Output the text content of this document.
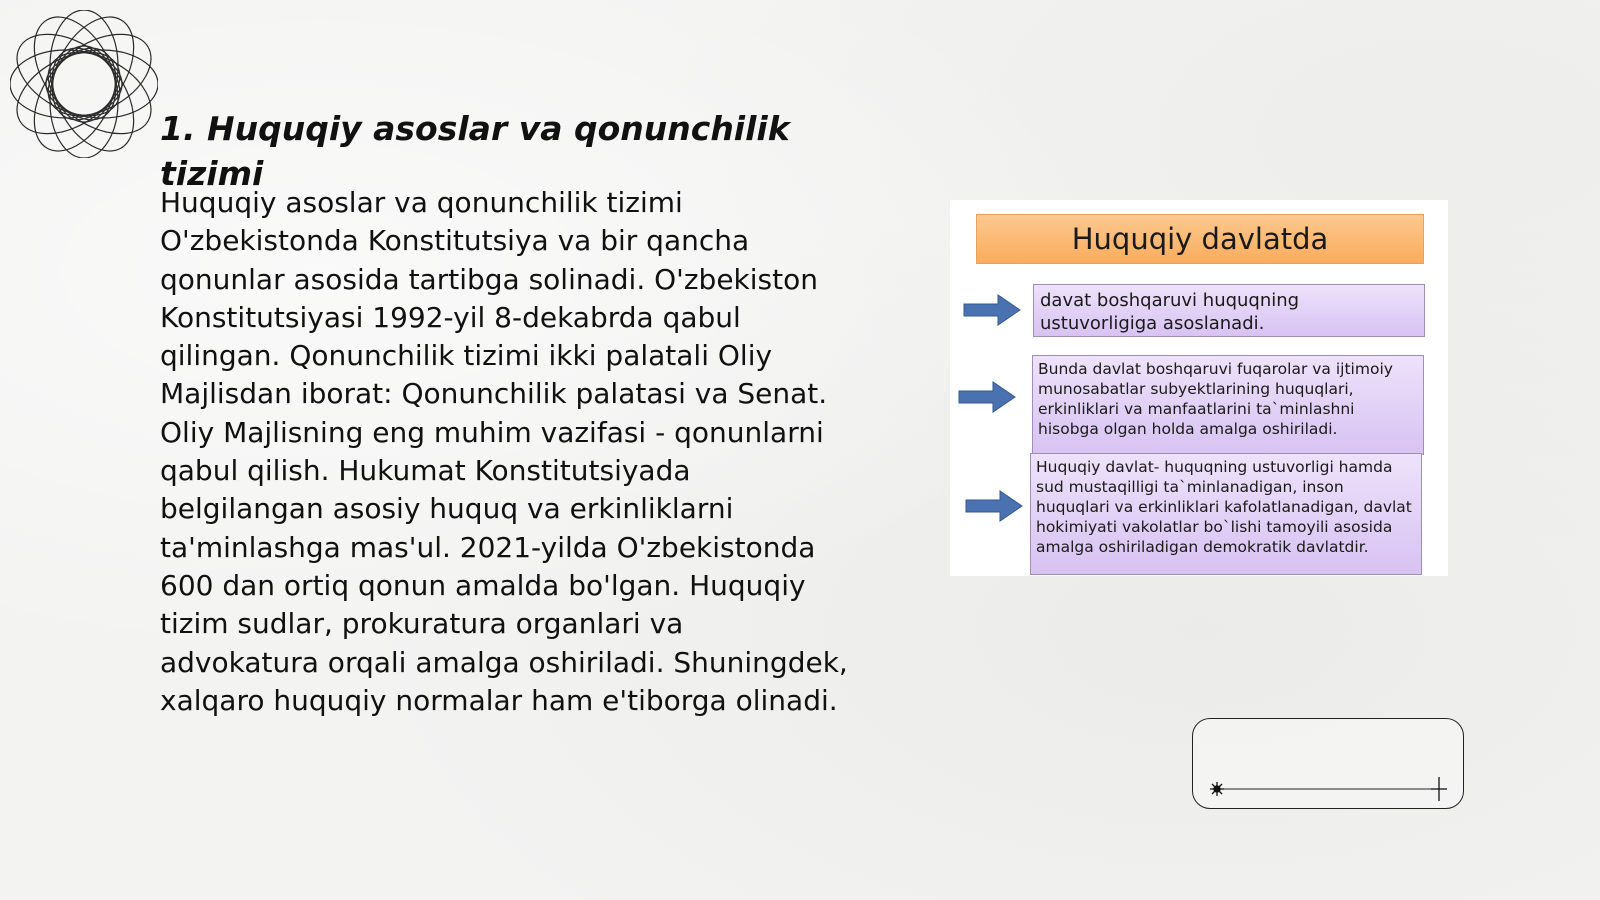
1. Huquqiy asoslar va qonunchilik tizimi

Huquqiy asoslar va qonunchilik tizimi O'zbekistonda Konstitutsiya va bir qancha qonunlar asosida tartibga solinadi. O'zbekiston Konstitutsiyasi 1992-yil 8-dekabrda qabul qilingan. Qonunchilik tizimi ikki palatali Oliy Majlisdan iborat: Qonunchilik palatasi va Senat. Oliy Majlisning eng muhim vazifasi - qonunlarni qabul qilish. Hukumat Konstitutsiyada belgilangan asosiy huquq va erkinliklarni ta'minlashga mas'ul. 2021-yilda O'zbekistonda 600 dan ortiq qonun amalda bo'lgan. Huquqiy tizim sudlar, prokuratura organlari va advokatura orqali amalga oshiriladi. Shuningdek, xalqaro huquqiy normalar ham e'tiborga olinadi.

Huquqiy davlatda
davat boshqaruvi huquqning ustuvorligiga asoslanadi.
Bunda davlat boshqaruvi fuqarolar va ijtimoiy munosabatlar subyektlarining huquqlari, erkinliklari va manfaatlarini ta`minlashni hisobga olgan holda amalga oshiriladi.
Huquqiy davlat- huquqning ustuvorligi hamda sud mustaqilligi ta`minlanadigan, inson huquqlari va erkinliklari kafolatlanadigan, davlat hokimiyati vakolatlar bo`lishi tamoyili asosida amalga oshiriladigan demokratik davlatdir.
